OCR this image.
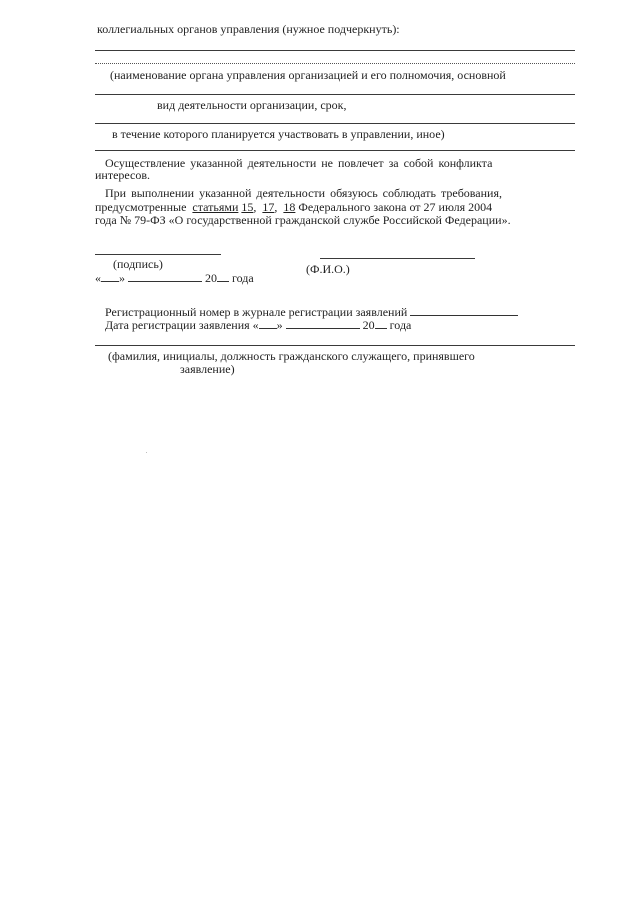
коллегиальных органов управления (нужное подчеркнуть):
(наименование органа управления организацией и его полномочия, основной
вид деятельности организации, срок,
в течение которого планируется участвовать в управлении, иное)
Осуществление указанной деятельности не повлечет за собой конфликта
интересов.
При выполнении указанной деятельности обязуюсь соблюдать требования,
предусмотренные статьями 15, 17, 18 Федерального закона от 27 июля 2004
года № 79-ФЗ «О государственной гражданской службе Российской Федерации».
(подпись)	(Ф.И.О.)
« »	20 года
Регистрационный номер в журнале регистрации заявлений
Дата регистрации заявления « »	20 года
(фамилия, инициалы, должность гражданского служащего, принявшего
заявление)
